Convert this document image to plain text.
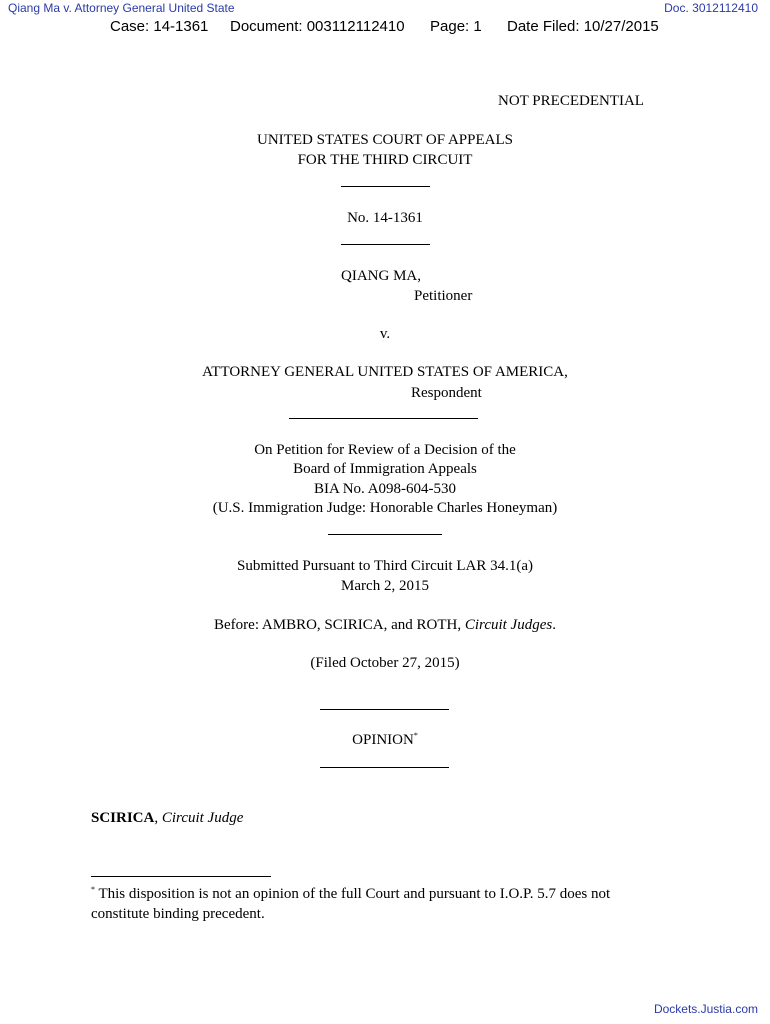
Qiang Ma v. Attorney General United State	Doc. 3012112410
Case: 14-1361 Document: 003112112410 Page: 1 Date Filed: 10/27/2015
NOT PRECEDENTIAL
UNITED STATES COURT OF APPEALS
FOR THE THIRD CIRCUIT
No. 14-1361
QIANG MA,
Petitioner
v.
ATTORNEY GENERAL UNITED STATES OF AMERICA,
Respondent
On Petition for Review of a Decision of the
Board of Immigration Appeals
BIA No. A098-604-530
(U.S. Immigration Judge: Honorable Charles Honeyman)
Submitted Pursuant to Third Circuit LAR 34.1(a)
March 2, 2015
Before: AMBRO, SCIRICA, and ROTH, Circuit Judges.
(Filed October 27, 2015)
OPINION*
SCIRICA, Circuit Judge
* This disposition is not an opinion of the full Court and pursuant to I.O.P. 5.7 does not
constitute binding precedent.
Dockets.Justia.com
